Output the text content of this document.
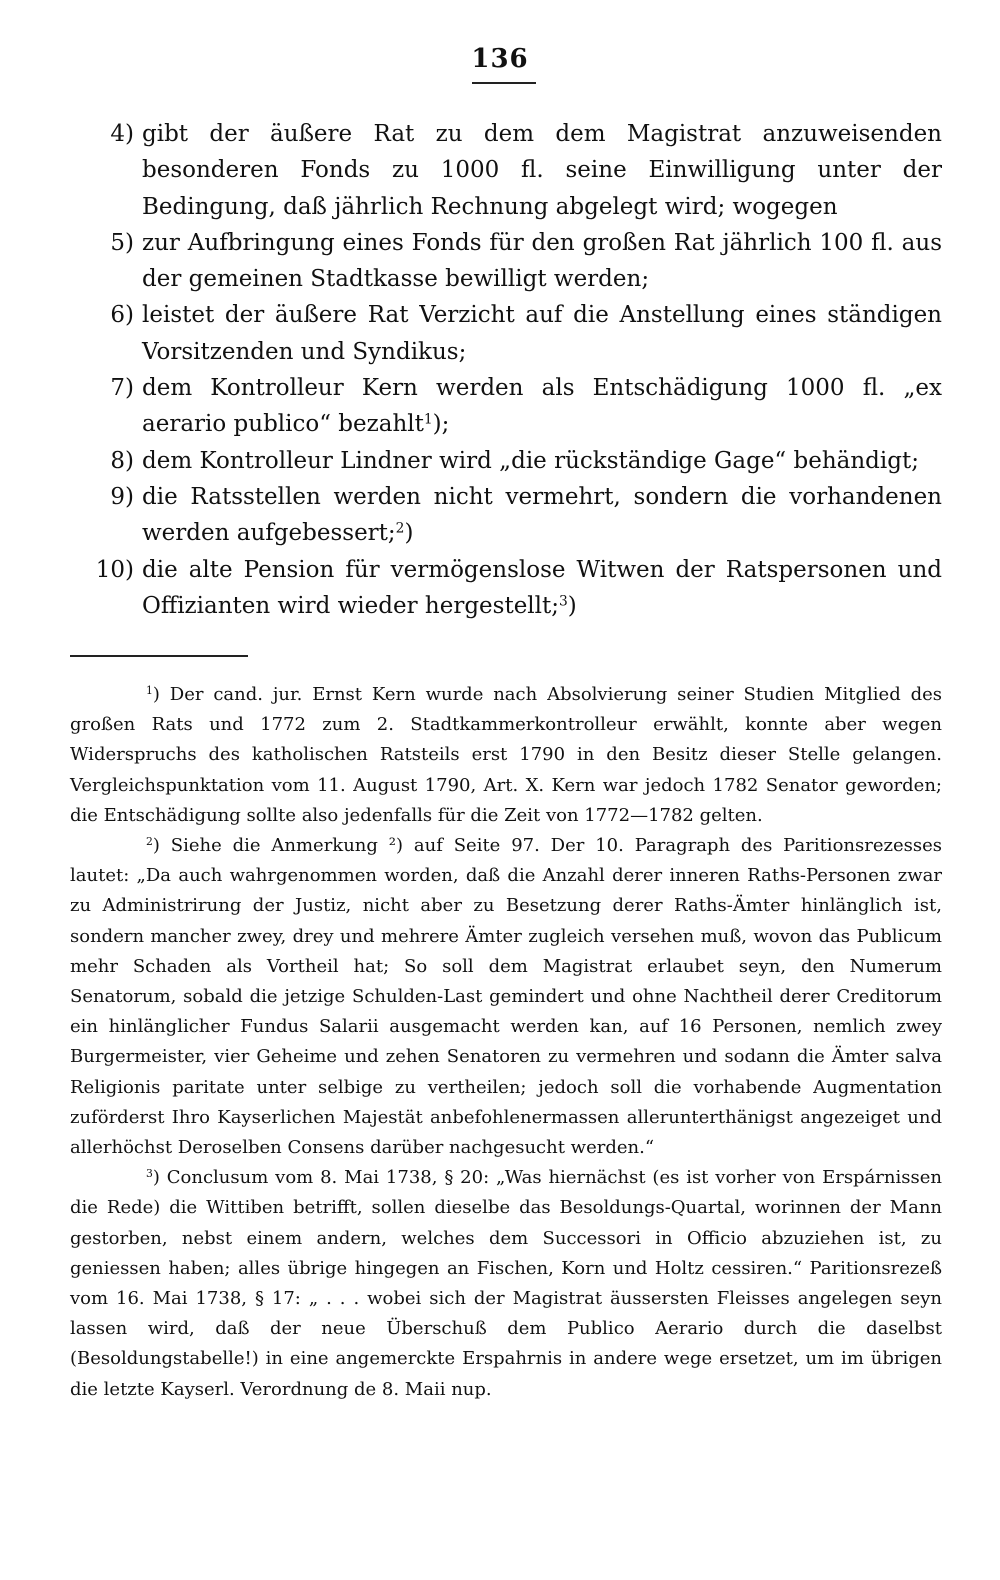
136
4) gibt der äußere Rat zu dem dem Magistrat anzuweisenden besonderen Fonds zu 1000 fl. seine Einwilligung unter der Bedingung, daß jährlich Rechnung abgelegt wird; wogegen
5) zur Aufbringung eines Fonds für den großen Rat jährlich 100 fl. aus der gemeinen Stadtkasse bewilligt werden;
6) leistet der äußere Rat Verzicht auf die Anstellung eines ständigen Vorsitzenden und Syndikus;
7) dem Kontrolleur Kern werden als Entschädigung 1000 fl. „ex aerario publico“ bezahlt$^1$);
8) dem Kontrolleur Lindner wird „die rückständige Gage“ behändigt;
9) die Ratsstellen werden nicht vermehrt, sondern die vorhandenen werden aufgebessert;$^2$)
10) die alte Pension für vermögenslose Witwen der Ratspersonen und Offizianten wird wieder hergestellt;$^3$)

$^1$) Der cand. jur. Ernst Kern wurde nach Absolvierung seiner Studien Mitglied des großen Rats und 1772 zum 2. Stadtkammerkontrolleur erwählt, konnte aber wegen Widerspruchs des katholischen Ratsteils erst 1790 in den Besitz dieser Stelle gelangen. Vergleichspunktation vom 11. August 1790, Art. X. Kern war jedoch 1782 Senator geworden; die Entschädigung sollte also jedenfalls für die Zeit von 1772—1782 gelten.

$^2$) Siehe die Anmerkung ²) auf Seite 97. Der 10. Paragraph des Paritionsrezesses lautet: „Da auch wahrgenommen worden, daß die Anzahl derer inneren Raths-Personen zwar zu Administrirung der Justiz, nicht aber zu Besetzung derer Raths-Ämter hinlänglich ist, sondern mancher zwey, drey und mehrere Ämter zugleich versehen muß, wovon das Publicum mehr Schaden als Vortheil hat; So soll dem Magistrat erlaubet seyn, den Numerum Senatorum, sobald die jetzige Schulden-Last gemindert und ohne Nachtheil derer Creditorum ein hinlänglicher Fundus Salarii ausgemacht werden kan, auf 16 Personen, nemlich zwey Burgermeister, vier Geheime und zehen Senatoren zu vermehren und sodann die Ämter salva Religionis paritate unter selbige zu vertheilen; jedoch soll die vorhabende Augmentation zuförderst Ihro Kayserlichen Majestät anbefohlenermassen allerunterthänigst angezeiget und allerhöchst Deroselben Consens darüber nachgesucht werden.“

$^3$) Conclusum vom 8. Mai 1738, § 20: „Was hiernächst (es ist vorher von Erspárnissen die Rede) die Wittiben betrifft, sollen dieselbe das Besoldungs-Quartal, worinnen der Mann gestorben, nebst einem andern, welches dem Successori in Officio abzuziehen ist, zu geniessen haben; alles übrige hingegen an Fischen, Korn und Holtz cessiren.“ Paritionsrezeß vom 16. Mai 1738, § 17: „ . . . wobei sich der Magistrat äussersten Fleisses angelegen seyn lassen wird, daß der neue Überschuß dem Publico Aerario durch die daselbst (Besoldungstabelle!) in eine angemerckte Erspahrnis in andere wege ersetzet, um im übrigen die letzte Kayserl. Verordnung de 8. Maii nup.
